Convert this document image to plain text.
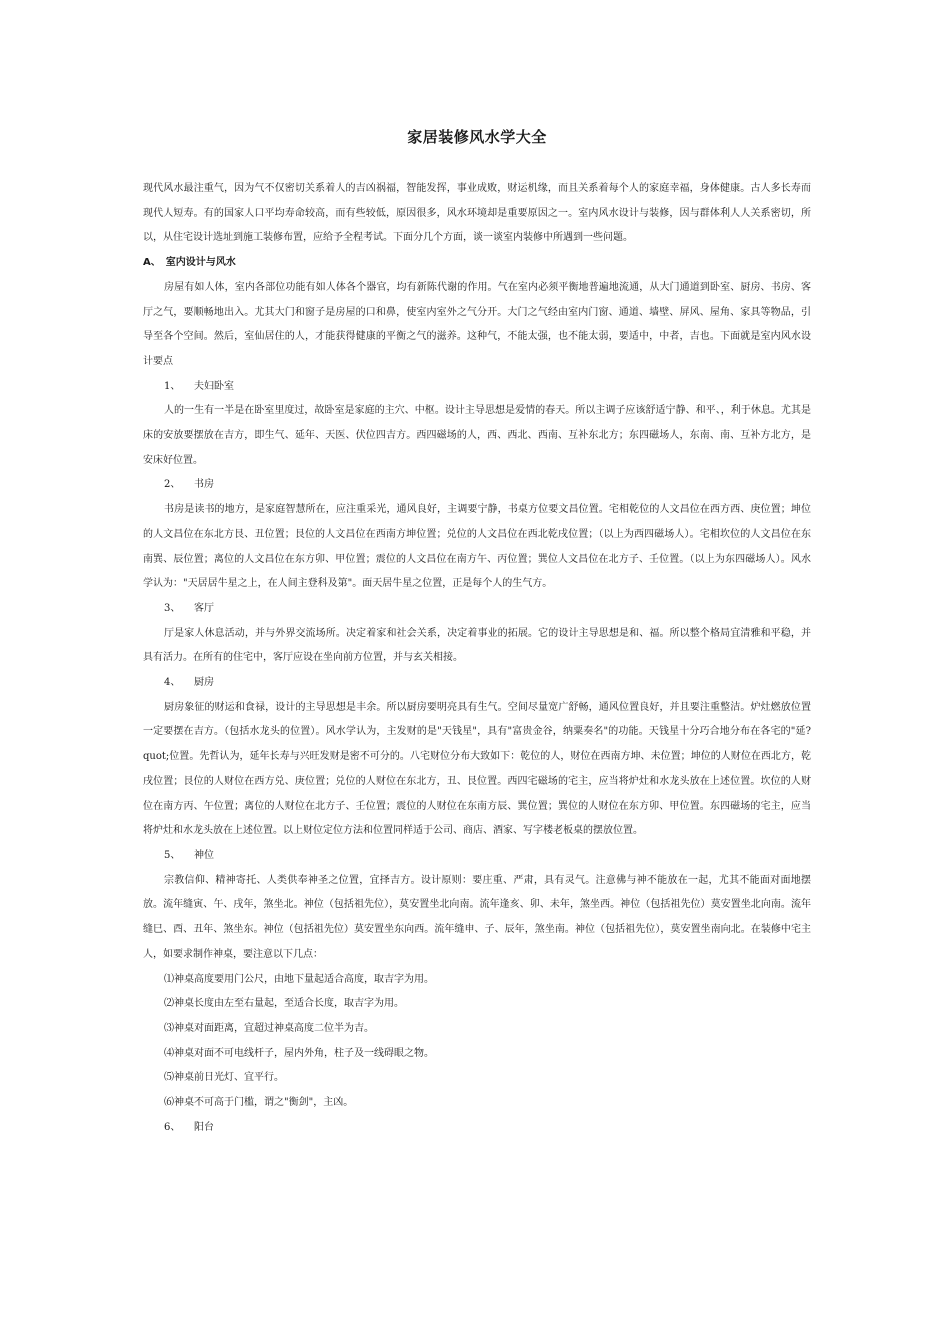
家居装修风水学大全

现代风水最注重气，因为气不仅密切关系着人的吉凶祸福，智能发挥，事业成败，财运机缘，而且关系着每个人的家庭幸福，身体健康。古人多长寿而现代人短寿。有的国家人口平均寿命较高，而有些较低，原因很多，风水环境却是重要原因之一。室内风水设计与装修，因与群体利人人关系密切，所以，从住宅设计选址到施工装修布置，应给予全程考试。下面分几个方面，谈一谈室内装修中所遇到一些问题。

A、　室内设计与风水

房屋有如人体，室内各部位功能有如人体各个器官，均有新陈代谢的作用。气在室内必须平衡地普遍地流通，从大门通道到卧室、厨房、书房、客厅之气，要顺畅地出入。尤其大门和窗子是房屋的口和鼻，使室内室外之气分开。大门之气经由室内门窗、通道、墙壁、屏风、屋角、家具等物品，引导至各个空间。然后，室仙居住的人，才能获得健康的平衡之气的滋养。这种气，不能太强，也不能太弱，要适中，中者，吉也。下面就是室内风水设计要点

1、 夫妇卧室

人的一生有一半是在卧室里度过，故卧室是家庭的主穴、中枢。设计主导思想是爱情的春天。所以主调子应该舒适宁静、和平、，利于休息。尤其是床的安放要摆放在吉方，即生气、延年、天医、伏位四吉方。西四磁场的人，西、西北、西南、互补东北方；东四磁场人，东南、南、互补方北方，是安床好位置。

2、 书房

书房是读书的地方，是家庭智慧所在，应注重采光，通风良好，主调要宁静，书桌方位要文昌位置。宅相乾位的人文昌位在西方西、庚位置；坤位的人文昌位在东北方艮、丑位置；艮位的人文昌位在西南方坤位置；兑位的人文昌位在西北乾戌位置；（以上为西四磁场人）。宅相坎位的人文昌位在东南巽、辰位置；离位的人文昌位在东方卯、甲位置；震位的人文昌位在南方午、丙位置；巽位人文昌位在北方子、壬位置。（以上为东四磁场人）。风水学认为："天居居牛星之上，在人间主登科及第"。面天居牛星之位置，正是每个人的生气方。

3、 客厅

厅是家人休息活动，并与外界交流场所。决定着家和社会关系，决定着事业的拓展。它的设计主导思想是和、福。所以整个格局宜清雅和平稳，并具有活力。在所有的住宅中，客厅应设在坐向前方位置，并与玄关相接。

4、 厨房

厨房象征的财运和食禄，设计的主导思想是丰余。所以厨房要明亮具有生气。空间尽量宽广舒畅，通风位置良好，并且要注重整洁。炉灶燃放位置一定要摆在吉方。（包括水龙头的位置）。风水学认为，主发财的是"天钱星"，具有"富贵金谷，纳粟奏名"的功能。天钱星十分巧合地分布在各宅的"延?quot;位置。先哲认为，延年长寿与兴旺发财是密不可分的。八宅财位分布大致如下：乾位的人，财位在西南方坤、未位置；坤位的人财位在西北方，乾戌位置；艮位的人财位在西方兑、庚位置；兑位的人财位在东北方，丑、艮位置。西四宅磁场的宅主，应当将炉灶和水龙头放在上述位置。坎位的人财位在南方丙、午位置；离位的人财位在北方子、壬位置；震位的人财位在东南方辰、巽位置；巽位的人财位在东方卯、甲位置。东四磁场的宅主，应当将炉灶和水龙头放在上述位置。以上财位定位方法和位置同样适于公司、商店、酒家、写字楼老板桌的摆放位置。

5、 神位

宗教信仰、精神寄托、人类供奉神圣之位置，宜择吉方。设计原则：要庄重、严肃，具有灵气。注意佛与神不能放在一起，尤其不能面对面地摆放。流年缝寅、午、戌年，煞坐北。神位（包括祖先位），莫安置坐北向南。流年逢亥、卯、未年，煞坐西。神位（包括祖先位）莫安置坐北向南。流年缝巳、酉、丑年、煞坐东。神位（包括祖先位）莫安置坐东向西。流年缝申、子、辰年，煞坐南。神位（包括祖先位），莫安置坐南向北。在装修中宅主人，如要求制作神桌，要注意以下几点：

⑴神桌高度要用门公尺，由地下量起适合高度，取吉字为用。

⑵神桌长度由左至右量起，至适合长度，取吉字为用。

⑶神桌对面距离，宜超过神桌高度二位半为吉。

⑷神桌对面不可电线杆子，屋内外角，柱子及一线碍眼之物。

⑸神桌前日光灯、宜平行。

⑹神桌不可高于门槛，谓之"衡剑"，主凶。

6、 阳台
